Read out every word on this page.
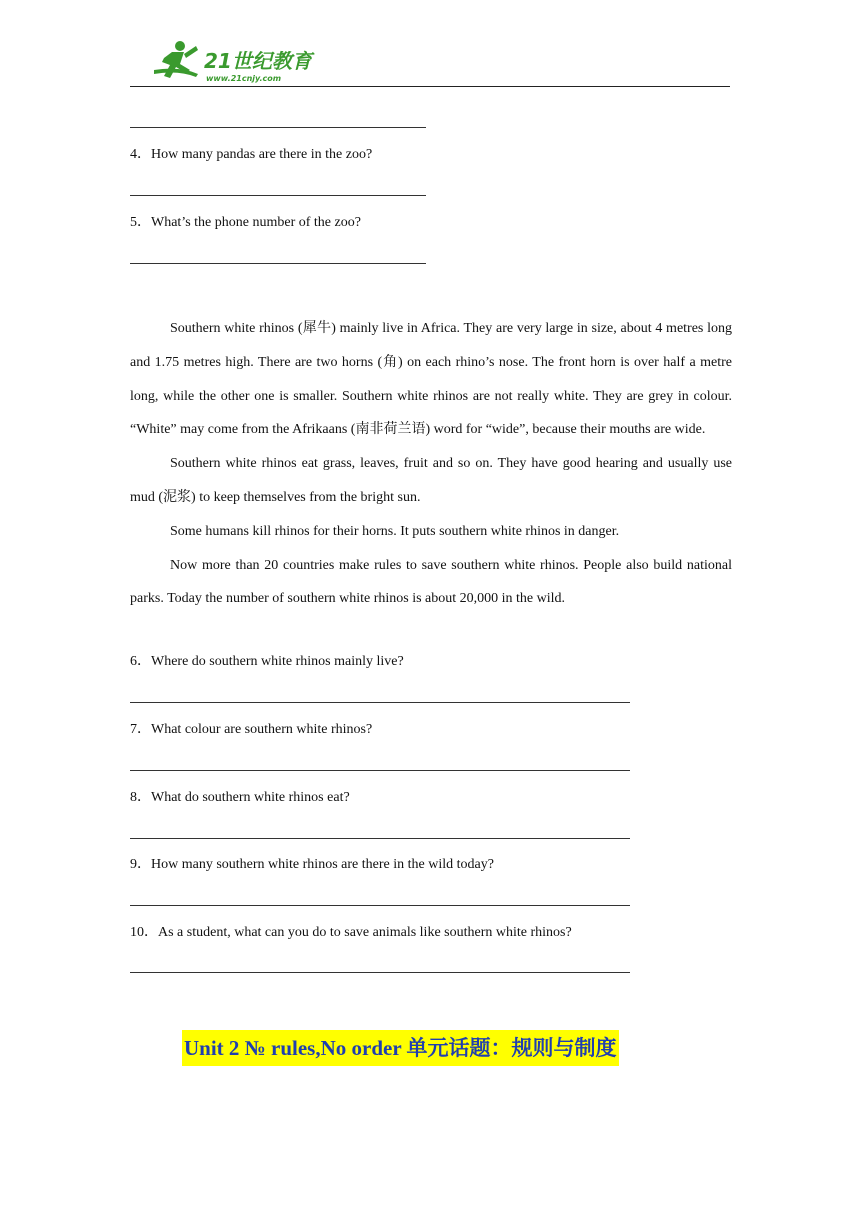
21世纪教育
www.21cnjy.com
4．How many pandas are there in the zoo?
5．What’s the phone number of the zoo?

Southern white rhinos (犀牛) mainly live in Africa. They are very large in size, about 4 metres long and 1.75 metres high. There are two horns (角) on each rhino’s nose. The front horn is over half a metre long, while the other one is smaller. Southern white rhinos are not really white. They are grey in colour. “White” may come from the Afrikaans (南非荷兰语) word for “wide”, because their mouths are wide.

Southern white rhinos eat grass, leaves, fruit and so on. They have good hearing and usually use mud (泥浆) to keep themselves from the bright sun.

Some humans kill rhinos for their horns. It puts southern white rhinos in danger.

Now more than 20 countries make rules to save southern white rhinos. People also build national parks. Today the number of southern white rhinos is about 20,000 in the wild.

6．Where do southern white rhinos mainly live?
7．What colour are southern white rhinos?
8．What do southern white rhinos eat?
9．How many southern white rhinos are there in the wild today?
10．As a student, what can you do to save animals like southern white rhinos?
Unit 2 № rules,No order 单元话题：规则与制度
